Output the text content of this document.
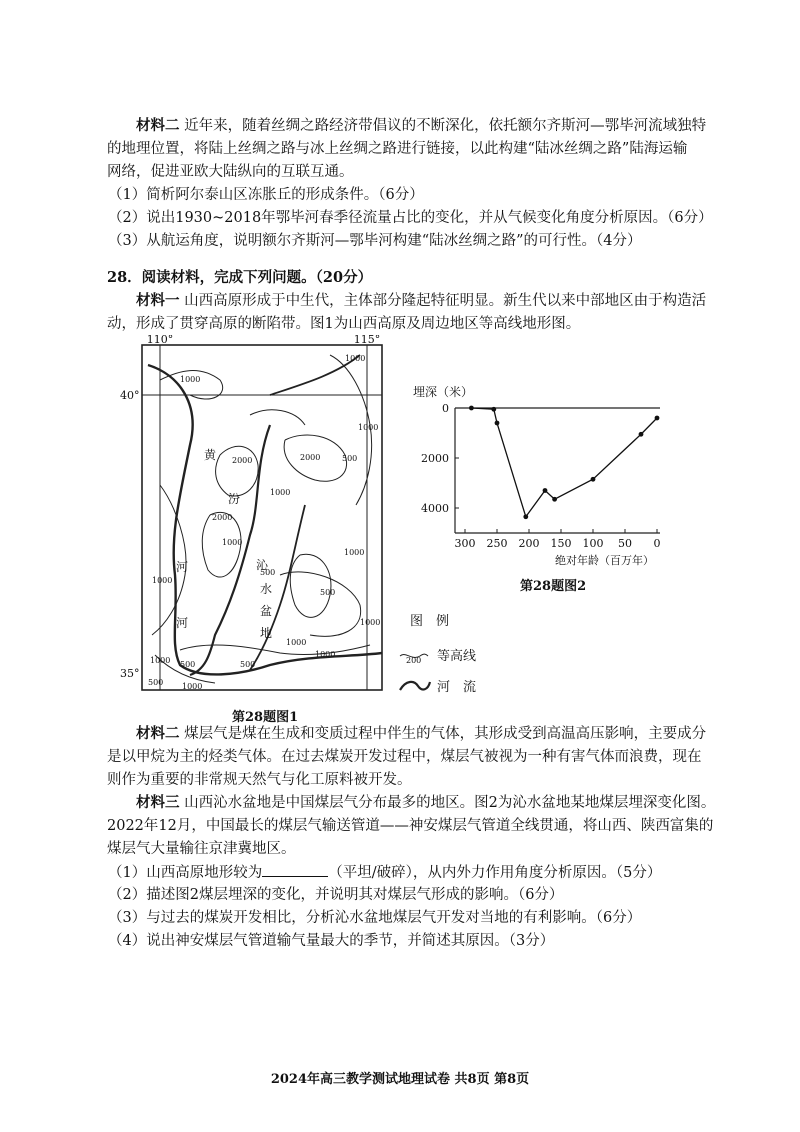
材料二 近年来，随着丝绸之路经济带倡议的不断深化，依托额尔齐斯河—鄂毕河流域独特
的地理位置，将陆上丝绸之路与冰上丝绸之路进行链接，以此构建“陆冰丝绸之路”陆海运输
网络，促进亚欧大陆纵向的互联互通。
（1）简析阿尔泰山区冻胀丘的形成条件。（6分）
（2）说出1930~2018年鄂毕河春季径流量占比的变化，并从气候变化角度分析原因。（6分）
（3）从航运角度，说明额尔齐斯河—鄂毕河构建“陆冰丝绸之路”的可行性。（4分）
28．阅读材料，完成下列问题。（20分）
材料一 山西高原形成于中生代，主体部分隆起特征明显。新生代以来中部地区由于构造活
动，形成了贯穿高原的断陷带。图1为山西高原及周边地区等高线地形图。
110°	115°
40°
35°
1000
1000
2000	2000	500
1000
1000
2000
1000
1000
500
1000
1000
1000 500
1000
500
1000
500
1000
500
黄
汾
沁
水
盆
地
河
河
第28题图1
图　例
200 等高线
河　流
300 250 200 150 100 50 0
0
2000
4000
埋深（米）
绝对年龄（百万年）
第28题图2
材料二 煤层气是煤在生成和变质过程中伴生的气体，其形成受到高温高压影响，主要成分
是以甲烷为主的烃类气体。在过去煤炭开发过程中，煤层气被视为一种有害气体而浪费，现在
则作为重要的非常规天然气与化工原料被开发。
材料三 山西沁水盆地是中国煤层气分布最多的地区。图2为沁水盆地某地煤层埋深变化图。
2022年12月，中国最长的煤层气输送管道——神安煤层气管道全线贯通，将山西、陕西富集的
煤层气大量输往京津冀地区。
（1）山西高原地形较为	（平坦/破碎），从内外力作用角度分析原因。（5分）
（2）描述图2煤层埋深的变化，并说明其对煤层气形成的影响。（6分）
（3）与过去的煤炭开发相比，分析沁水盆地煤层气开发对当地的有利影响。（6分）
（4）说出神安煤层气管道输气量最大的季节，并简述其原因。（3分）
2024年高三教学测试地理试卷 共8页 第8页
